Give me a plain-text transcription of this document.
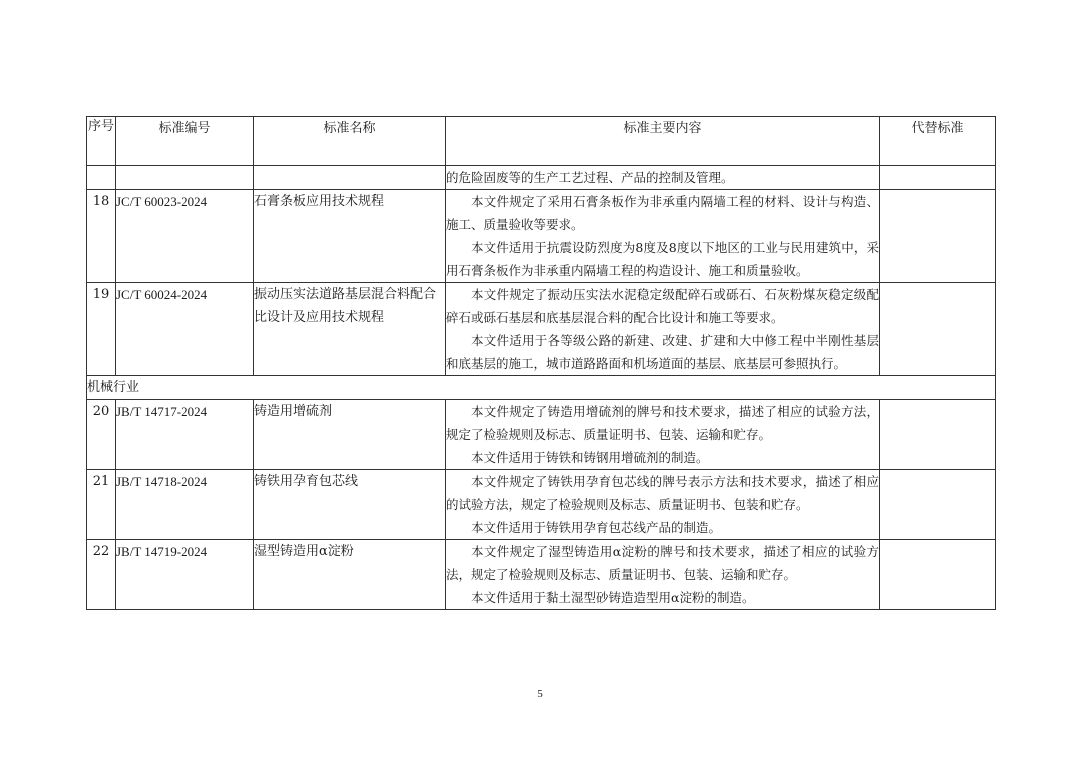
序号	标准编号	标准名称	标准主要内容	代替标准

			的危险固废等的生产工艺过程、产品的控制及管理。	

18	JC/T 60023-2024	石膏条板应用技术规程	本文件规定了采用石膏条板作为非承重内隔墙工程的材料、设计与构造、施工、质量验收等要求。

本文件适用于抗震设防烈度为8度及8度以下地区的工业与民用建筑中，采用石膏条板作为非承重内隔墙工程的构造设计、施工和质量验收。	

19	JC/T 60024-2024	振动压实法道路基层混合料配合比设计及应用技术规程	本文件规定了振动压实法水泥稳定级配碎石或砾石、石灰粉煤灰稳定级配碎石或砾石基层和底基层混合料的配合比设计和施工等要求。

本文件适用于各等级公路的新建、改建、扩建和大中修工程中半刚性基层和底基层的施工，城市道路路面和机场道面的基层、底基层可参照执行。	

机械行业				
20	JB/T 14717-2024	铸造用增硫剂	本文件规定了铸造用增硫剂的牌号和技术要求，描述了相应的试验方法，规定了检验规则及标志、质量证明书、包装、运输和贮存。

本文件适用于铸铁和铸钢用增硫剂的制造。	

21	JB/T 14718-2024	铸铁用孕育包芯线	本文件规定了铸铁用孕育包芯线的牌号表示方法和技术要求，描述了相应的试验方法，规定了检验规则及标志、质量证明书、包装和贮存。

本文件适用于铸铁用孕育包芯线产品的制造。	

22	JB/T 14719-2024	湿型铸造用α淀粉	本文件规定了湿型铸造用α淀粉的牌号和技术要求，描述了相应的试验方法，规定了检验规则及标志、质量证明书、包装、运输和贮存。

本文件适用于黏土湿型砂铸造造型用α淀粉的制造。	

5
